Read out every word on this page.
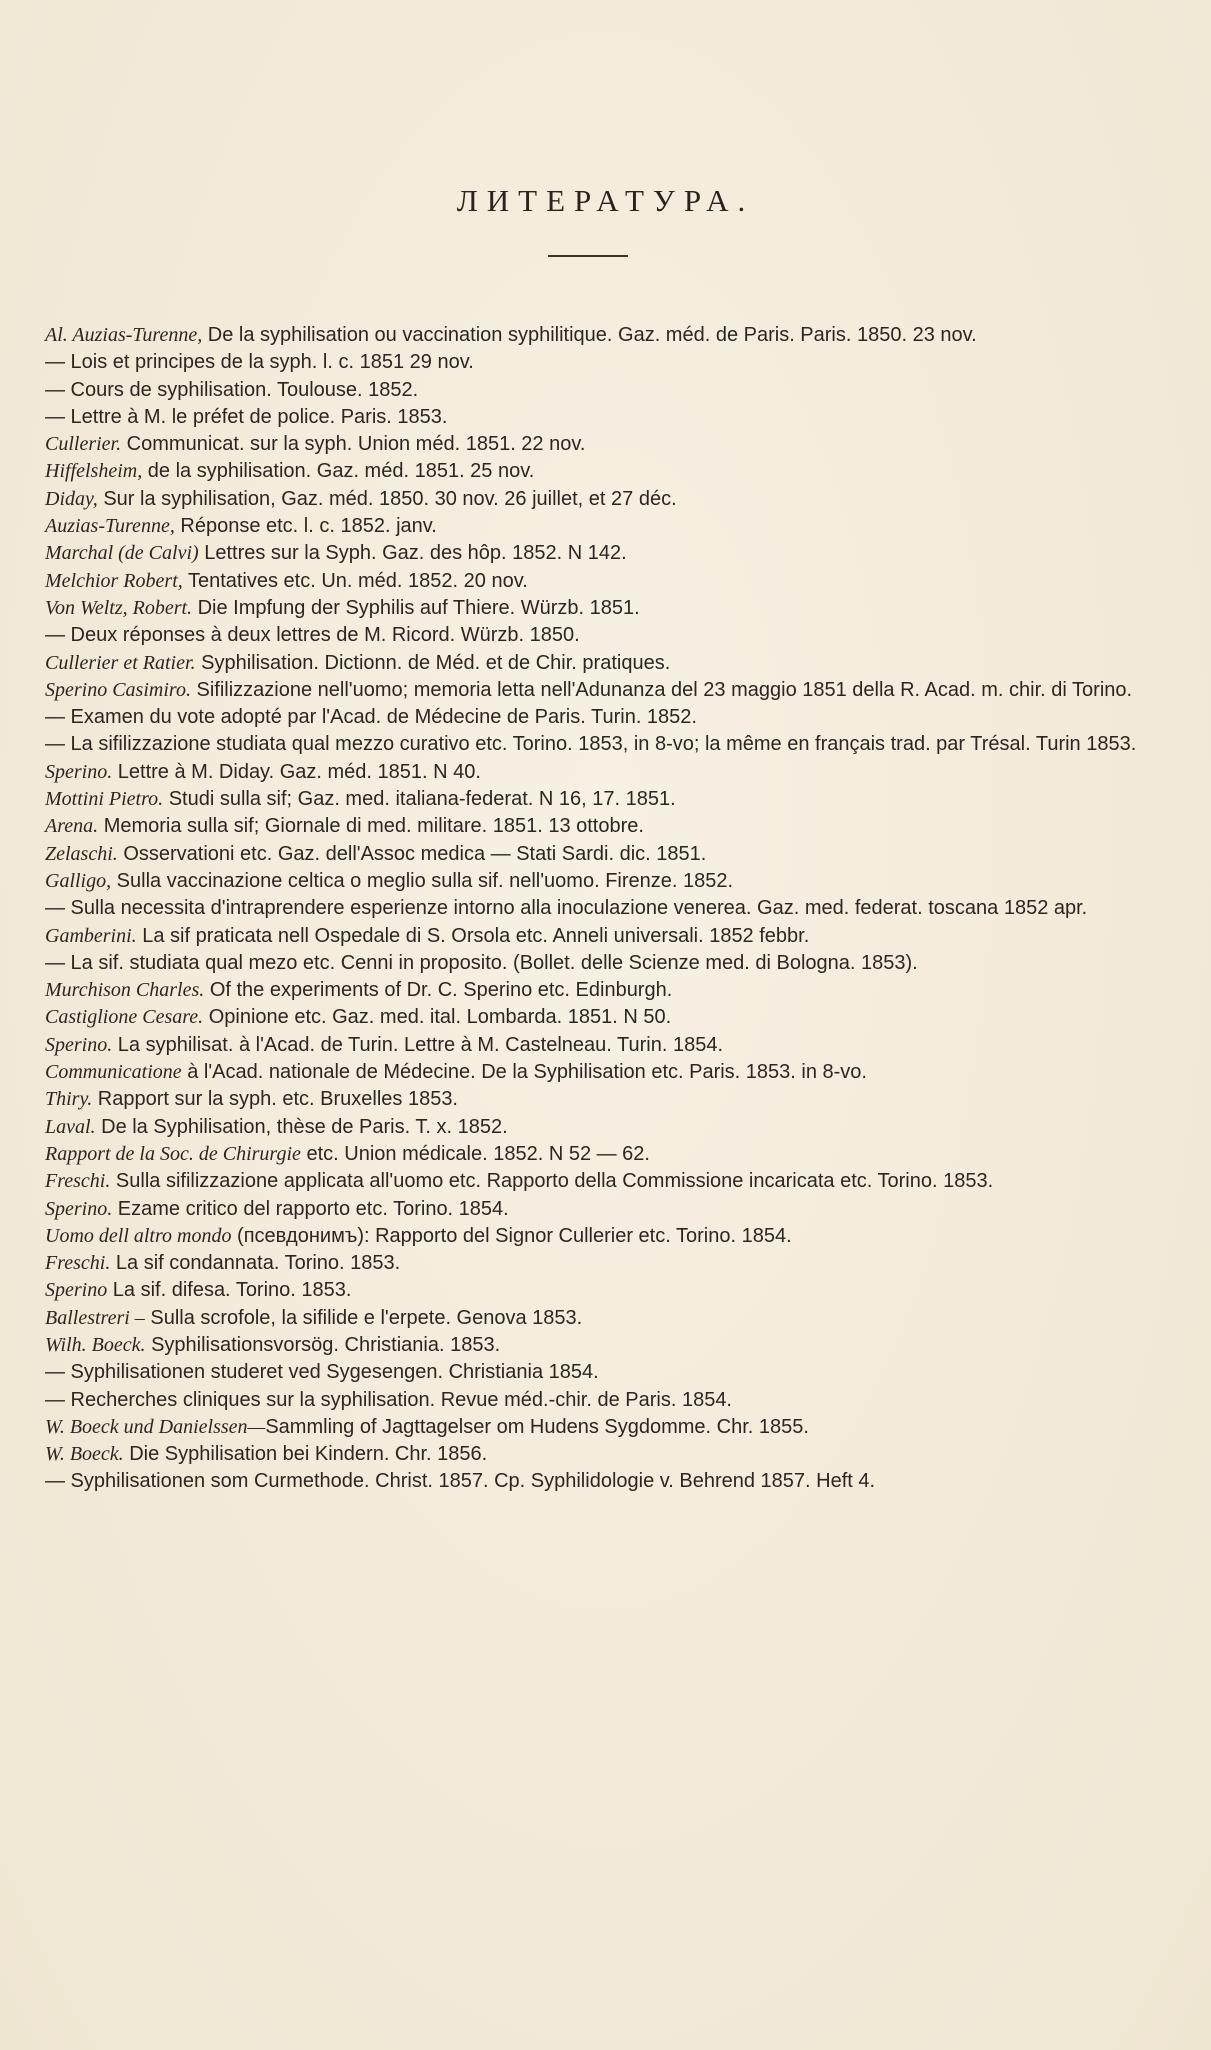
ЛИТЕРАТУРА.
Al. Auzias-Turenne, De la syphilisation ou vaccination syphilitique. Gaz. méd. de Paris. Paris. 1850. 23 nov.
— Lois et principes de la syph. l. c. 1851 29 nov.
— Cours de syphilisation. Toulouse. 1852.
— Lettre à M. le préfet de police. Paris. 1853.
Cullerier. Communicat. sur la syph. Union méd. 1851. 22 nov.
Hiffelsheim, de la syphilisation. Gaz. méd. 1851. 25 nov.
Diday, Sur la syphilisation, Gaz. méd. 1850. 30 nov. 26 juillet, et 27 déc.
Auzias-Turenne, Réponse etc. l. c. 1852. janv.
Marchal (de Calvi) Lettres sur la Syph. Gaz. des hôp. 1852. N 142.
Melchior Robert, Tentatives etc. Un. méd. 1852. 20 nov.
Von Weltz, Robert. Die Impfung der Syphilis auf Thiere. Würzb. 1851.
— Deux réponses à deux lettres de M. Ricord. Würzb. 1850.
Cullerier et Ratier. Syphilisation. Dictionn. de Méd. et de Chir. pratiques.
Sperino Casimiro. Sifilizzazione nell'uomo; memoria letta nell'Adunanza del 23 maggio 1851 della R. Acad. m. chir. di Torino.
— Examen du vote adopté par l'Acad. de Médecine de Paris. Turin. 1852.
— La sifilizzazione studiata qual mezzo curativo etc. Torino. 1853, in 8-vo; la même en français trad. par Trésal. Turin 1853.
Sperino. Lettre à M. Diday. Gaz. méd. 1851. N 40.
Mottini Pietro. Studi sulla sif; Gaz. med. italiana-federat. N 16, 17. 1851.
Arena. Memoria sulla sif; Giornale di med. militare. 1851. 13 ottobre.
Zelaschi. Osservationi etc. Gaz. dell'Assoc medica — Stati Sardi. dic. 1851.
Galligo, Sulla vaccinazione celtica o meglio sulla sif. nell'uomo. Firenze. 1852.
— Sulla necessita d'intraprendere esperienze intorno alla inoculazione venerea. Gaz. med. federat. toscana 1852 apr.
Gamberini. La sif praticata nell Ospedale di S. Orsola etc. Anneli universali. 1852 febbr.
— La sif. studiata qual mezo etc. Cenni in proposito. (Bollet. delle Scienze med. di Bologna. 1853).
Murchison Charles. Of the experiments of Dr. C. Sperino etc. Edinburgh.
Castiglione Cesare. Opinione etc. Gaz. med. ital. Lombarda. 1851. N 50.
Sperino. La syphilisat. à l'Acad. de Turin. Lettre à M. Castelneau. Turin. 1854.
Communicatione à l'Acad. nationale de Médecine. De la Syphilisation etc. Paris. 1853. in 8-vo.
Thiry. Rapport sur la syph. etc. Bruxelles 1853.
Laval. De la Syphilisation, thèse de Paris. T. x. 1852.
Rapport de la Soc. de Chirurgie etc. Union médicale. 1852. N 52 — 62.
Freschi. Sulla sifilizzazione applicata all'uomo etc. Rapporto della Commissione incaricata etc. Torino. 1853.
Sperino. Ezame critico del rapporto etc. Torino. 1854.
Uomo dell altro mondo (псевдонимъ): Rapporto del Signor Cullerier etc. Torino. 1854.
Freschi. La sif condannata. Torino. 1853.
Sperino La sif. difesa. Torino. 1853.
Ballestreri – Sulla scrofole, la sifilide e l'erpete. Genova 1853.
Wilh. Boeck. Syphilisationsvorsög. Christiania. 1853.
— Syphilisationen studeret ved Sygesengen. Christiania 1854.
— Recherches cliniques sur la syphilisation. Revue méd.-chir. de Paris. 1854.
W. Boeck und Danielssen—Sammling of Jagttagelser om Hudens Sygdomme. Chr. 1855.
W. Boeck. Die Syphilisation bei Kindern. Chr. 1856.
— Syphilisationen som Curmethode. Christ. 1857. Cp. Syphilidologie v. Behrend 1857. Heft 4.
